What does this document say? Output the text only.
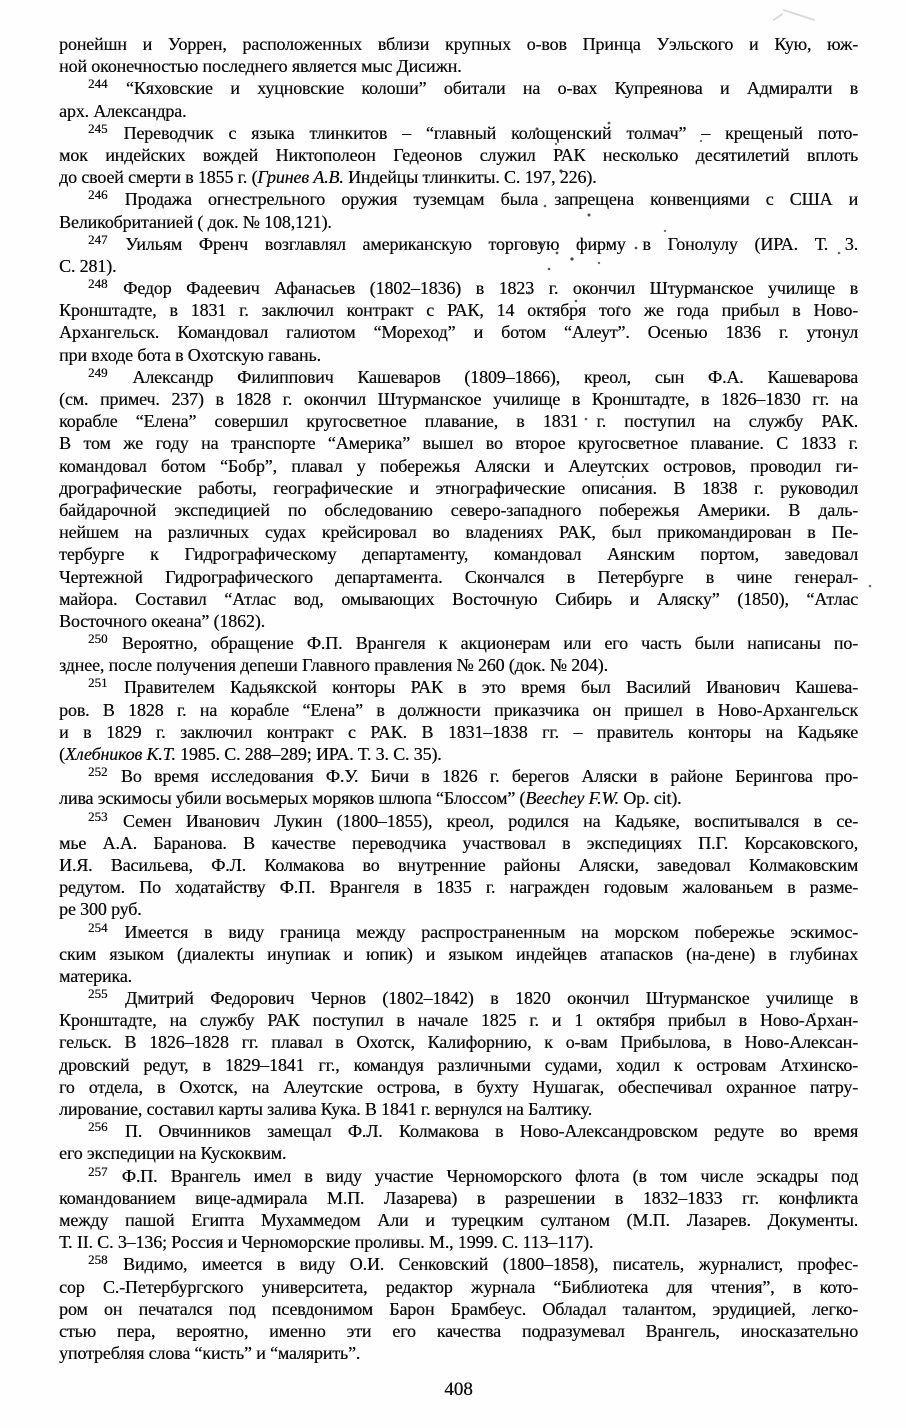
ронейшн и Уоррен, расположенных вблизи крупных о-вов Принца Уэльского и Кую, юж-
ной оконечностью последнего является мыс Дисижн.
$^{244}$ “Кяховские и хуцновские колоши” обитали на о-вах Купреянова и Адмиралти в
арх. Александра.
$^{245}$ Переводчик с языка тлинкитов – “главный колощенский толмач” – крещеный пото-
мок индейских вождей Никтополеон Гедеонов служил РАК несколько десятилетий вплоть
до своей смерти в 1855 г. (Гринев А.В. Индейцы тлинкиты. С. 197, 226).
$^{246}$ Продажа огнестрельного оружия туземцам была запрещена конвенциями с США и
Великобританией ( док. № 108,121).
$^{247}$ Уильям Френч возглавлял американскую торговую фирму в Гонолулу (ИРА. Т. 3.
С. 281).
$^{248}$ Федор Фадеевич Афанасьев (1802–1836) в 1823 г. окончил Штурманское училище в
Кронштадте, в 1831 г. заключил контракт с РАК, 14 октября того же года прибыл в Ново-
Архангельск. Командовал галиотом “Мореход” и ботом “Алеут”. Осенью 1836 г. утонул
при входе бота в Охотскую гавань.
$^{249}$ Александр Филиппович Кашеваров (1809–1866), креол, сын Ф.А. Кашеварова
(см. примеч. 237) в 1828 г. окончил Штурманское училище в Кронштадте, в 1826–1830 гг. на
корабле “Елена” совершил кругосветное плавание, в 1831 г. поступил на службу РАК.
В том же году на транспорте “Америка” вышел во второе кругосветное плавание. С 1833 г.
командовал ботом “Бобр”, плавал у побережья Аляски и Алеутских островов, проводил ги-
дрографические работы, географические и этнографические описания. В 1838 г. руководил
байдарочной экспедицией по обследованию северо-западного побережья Америки. В даль-
нейшем на различных судах крейсировал во владениях РАК, был прикомандирован в Пе-
тербурге к Гидрографическому департаменту, командовал Аянским портом, заведовал
Чертежной Гидрографического департамента. Скончался в Петербурге в чине генерал-
майора. Составил “Атлас вод, омывающих Восточную Сибирь и Аляску” (1850), “Атлас
Восточного океана” (1862).
$^{250}$ Вероятно, обращение Ф.П. Врангеля к акционерам или его часть были написаны по-
зднее, после получения депеши Главного правления № 260 (док. № 204).
$^{251}$ Правителем Кадьякской конторы РАК в это время был Василий Иванович Кашева-
ров. В 1828 г. на корабле “Елена” в должности приказчика он пришел в Ново-Архангельск
и в 1829 г. заключил контракт с РАК. В 1831–1838 гг. – правитель конторы на Кадьяке
(Хлебников К.Т. 1985. С. 288–289; ИРА. Т. 3. С. 35).
$^{252}$ Во время исследования Ф.У. Бичи в 1826 г. берегов Аляски в районе Берингова про-
лива эскимосы убили восьмерых моряков шлюпа “Блоссом” (Beechey F.W. Op. cit).
$^{253}$ Семен Иванович Лукин (1800–1855), креол, родился на Кадьяке, воспитывался в се-
мье А.А. Баранова. В качестве переводчика участвовал в экспедициях П.Г. Корсаковского,
И.Я. Васильева, Ф.Л. Колмакова во внутренние районы Аляски, заведовал Колмаковским
редутом. По ходатайству Ф.П. Врангеля в 1835 г. награжден годовым жалованьем в разме-
ре 300 руб.
$^{254}$ Имеется в виду граница между распространенным на морском побережье эскимос-
ским языком (диалекты инупиак и юпик) и языком индейцев атапасков (на-дене) в глубинах
материка.
$^{255}$ Дмитрий Федорович Чернов (1802–1842) в 1820 окончил Штурманское училище в
Кронштадте, на службу РАК поступил в начале 1825 г. и 1 октября прибыл в Ново-Архан-
гельск. В 1826–1828 гг. плавал в Охотск, Калифорнию, к о-вам Прибылова, в Ново-Алексан-
дровский редут, в 1829–1841 гг., командуя различными судами, ходил к островам Атхинско-
го отдела, в Охотск, на Алеутские острова, в бухту Нушагак, обеспечивал охранное патру-
лирование, составил карты залива Кука. В 1841 г. вернулся на Балтику.
$^{256}$ П. Овчинников замещал Ф.Л. Колмакова в Ново-Александровском редуте во время
его экспедиции на Кускоквим.
$^{257}$ Ф.П. Врангель имел в виду участие Черноморского флота (в том числе эскадры под
командованием вице-адмирала М.П. Лазарева) в разрешении в 1832–1833 гг. конфликта
между пашой Египта Мухаммедом Али и турецким султаном (М.П. Лазарев. Документы.
Т. II. С. 3–136; Россия и Черноморские проливы. М., 1999. С. 113–117).
$^{258}$ Видимо, имеется в виду О.И. Сенковский (1800–1858), писатель, журналист, профес-
сор С.-Петербургского университета, редактор журнала “Библиотека для чтения”, в кото-
ром он печатался под псевдонимом Барон Брамбеус. Обладал талантом, эрудицией, легко-
стью пера, вероятно, именно эти его качества подразумевал Врангель, иносказательно
употребляя слова “кисть” и “малярить”.
408
